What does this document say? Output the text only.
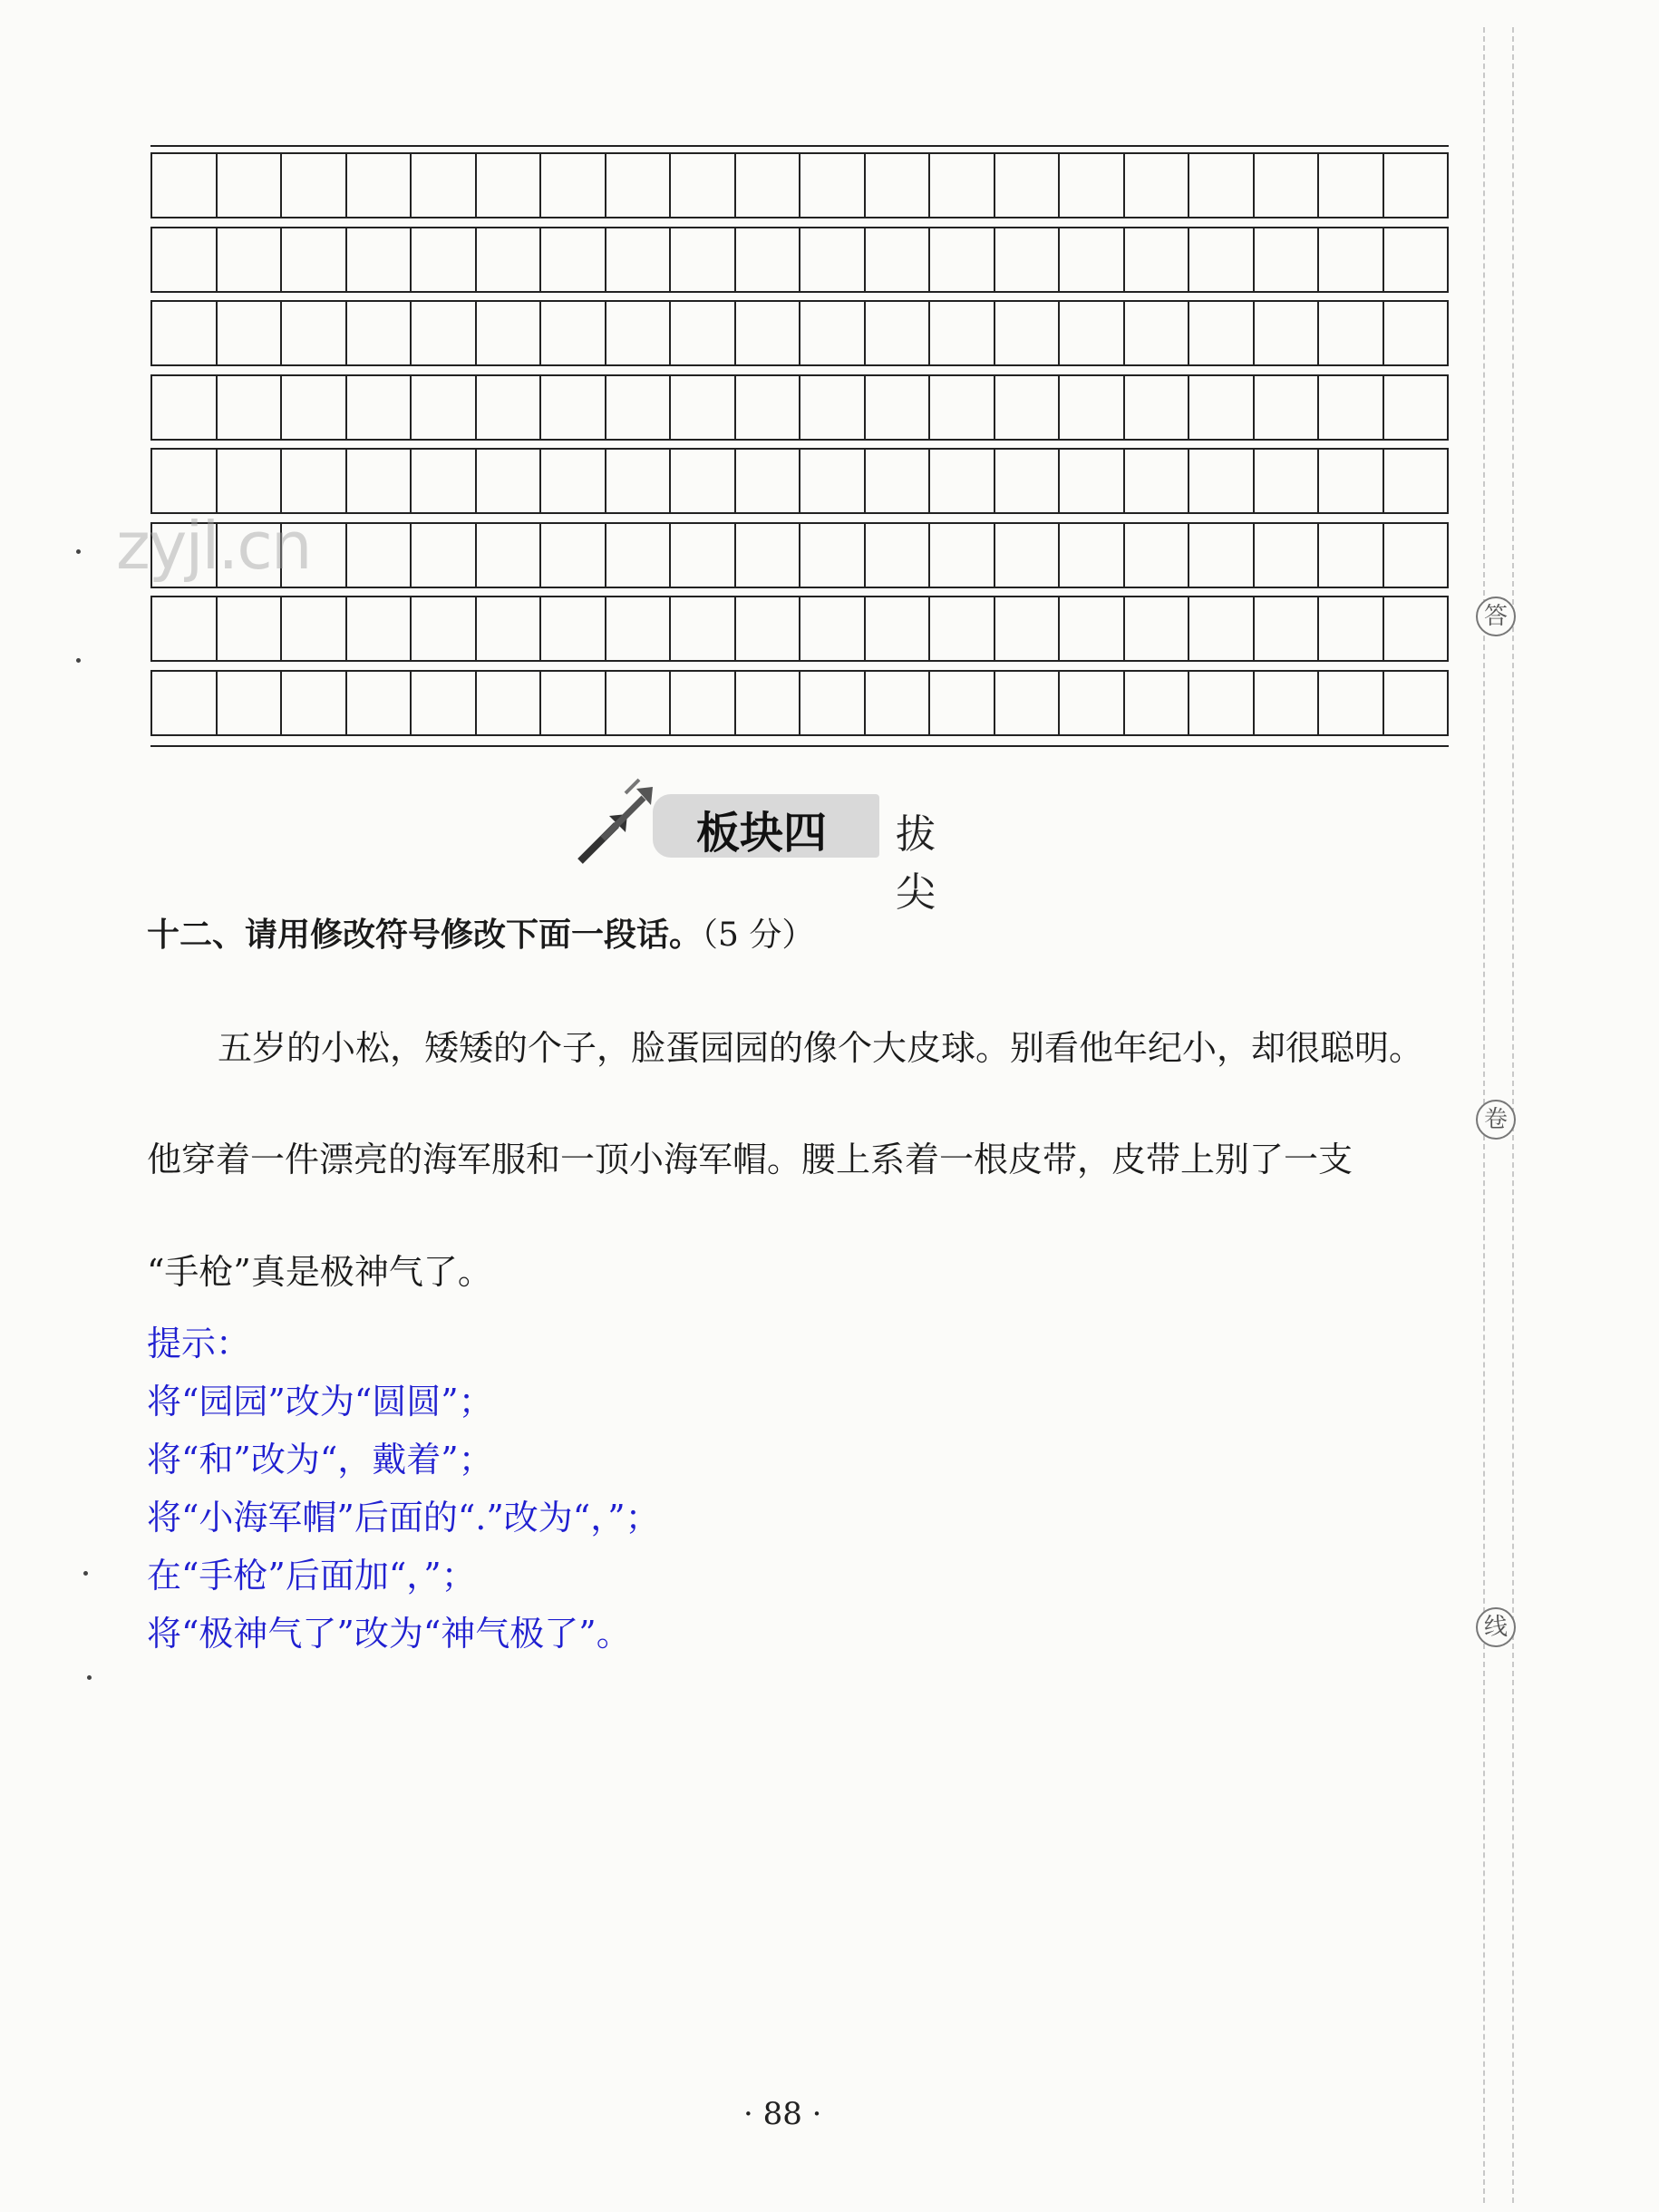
zyjl.cn
板块四 拔尖
十二、请用修改符号修改下面一段话。（5 分）
五岁的小松，矮矮的个子，脸蛋园园的像个大皮球。别看他年纪小，却很聪明。
他穿着一件漂亮的海军服和一顶小海军帽。腰上系着一根皮带，皮带上别了一支
“手枪”真是极神气了。
提示：
将“园园”改为“圆圆”；
将“和”改为“，戴着”；
将“小海军帽”后面的“.”改为“，”；
在“手枪”后面加“，”；
将“极神气了”改为“神气极了”。
· 88 ·
答
卷
线
